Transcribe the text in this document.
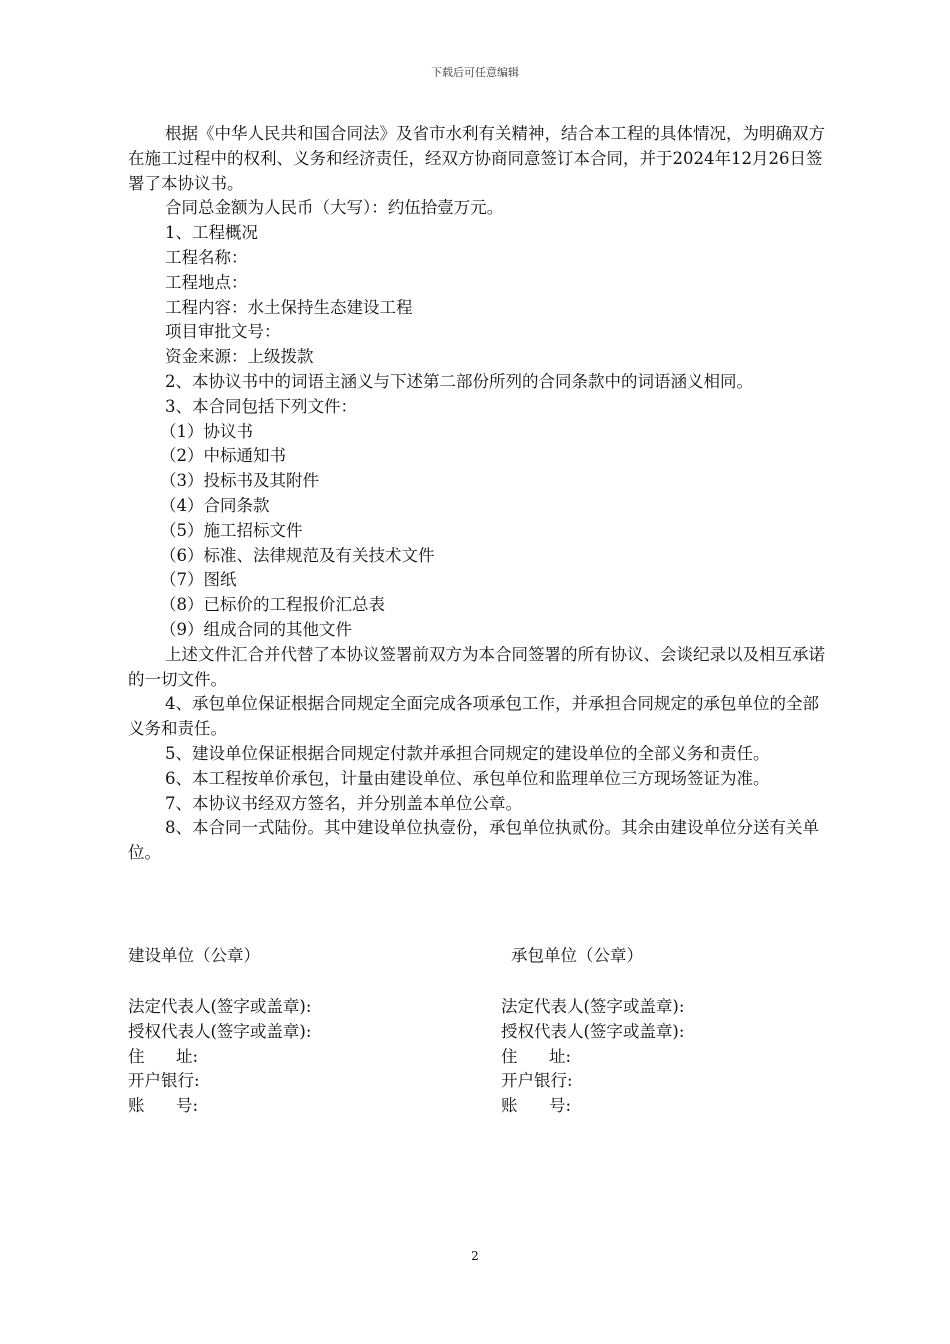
下载后可任意编辑

根据《中华人民共和国合同法》及省市水利有关精神，结合本工程的具体情况，为明确双方在施工过程中的权利、义务和经济责任，经双方协商同意签订本合同，并于2024年12月26日签署了本协议书。

合同总金额为人民币（大写）：约伍拾壹万元。

1、工程概况

工程名称：

工程地点：

工程内容：水土保持生态建设工程

项目审批文号：

资金来源：上级拨款

2、本协议书中的词语主涵义与下述第二部份所列的合同条款中的词语涵义相同。

3、本合同包括下列文件：

（1）协议书

（2）中标通知书

（3）投标书及其附件

（4）合同条款

（5）施工招标文件

（6）标准、法律规范及有关技术文件

（7）图纸

（8）已标价的工程报价汇总表

（9）组成合同的其他文件

上述文件汇合并代替了本协议签署前双方为本合同签署的所有协议、会谈纪录以及相互承诺的一切文件。

4、承包单位保证根据合同规定全面完成各项承包工作，并承担合同规定的承包单位的全部义务和责任。

5、建设单位保证根据合同规定付款并承担合同规定的建设单位的全部义务和责任。

6、本工程按单价承包，计量由建设单位、承包单位和监理单位三方现场签证为准。

7、本协议书经双方签名，并分别盖本单位公章。

8、本合同一式陆份。其中建设单位执壹份，承包单位执贰份。其余由建设单位分送有关单位。

建设单位（公章）	承包单位（公章）
法定代表人(签字或盖章):	法定代表人(签字或盖章):
授权代表人(签字或盖章):	授权代表人(签字或盖章):
住      址:	住      址:
开户银行:	开户银行:
账      号:	账      号:
2
